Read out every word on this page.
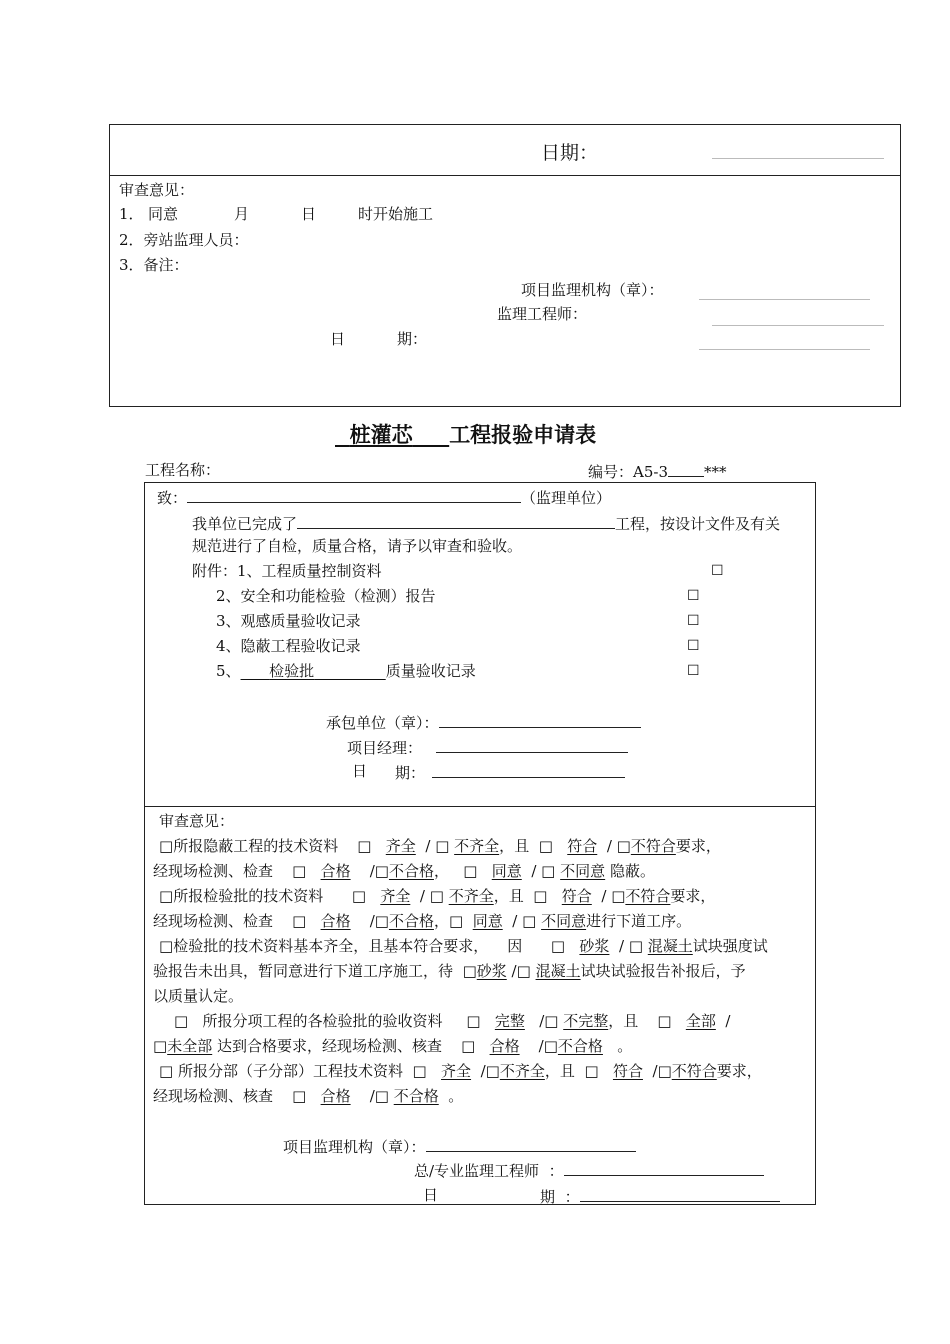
日期：
审查意见：
1． 同意	月	日	时开始施工
2．旁站监理人员：
3．备注：
项目监理机构（章）：
监理工程师：
日	期：
桩灌芯 工程报验申请表
工程名称：	编号：A5-3 ***
致：	（监理单位）
我单位已完成了	工程，按设计文件及有关
规范进行了自检，质量合格，请予以审查和验收。
附件：1、工程质量控制资料	☐
2、安全和功能检验（检测）报告	☐
3、观感质量验收记录	☐
4、隐蔽工程验收记录	☐
5、 检验批	质量验收记录	☐
承包单位（章）：
项目经理：
日 期：
审查意见：
□所报隐蔽工程的技术资料 □ 齐全 / □ 不齐全，且 □ 符合 / □不符合要求，
经现场检测、检查 □ 合格 /□不合格，   □ 同意 / □ 不同意 隐蔽。
□所报检验批的技术资料 □ 齐全 / □ 不齐全，且 □ 符合 / □不符合要求，
经现场检测、检查 □ 合格 /□不合格，□ 同意 / □ 不同意进行下道工序。
□检验批的技术资料基本齐全，且基本符合要求， 因 □ 砂浆 / □ 混凝土试块强度试
验报告未出具，暂同意进行下道工序施工，待 □砂浆 /□ 混凝土试块试验报告补报后，予
以质量认定。
□ 所报分项工程的各检验批的验收资料 □ 完整 /□ 不完整，且 □ 全部 /
□未全部 达到合格要求，经现场检测、核查 □ 合格 /□不合格 。
□ 所报分部（子分部）工程技术资料 □ 齐全 /□不齐全，且 □ 符合 /□不符合要求，
经现场检测、核查 □ 合格 /□ 不合格 。
项目监理机构（章）：
总/专业监理工程师 ：
日	期 ：
